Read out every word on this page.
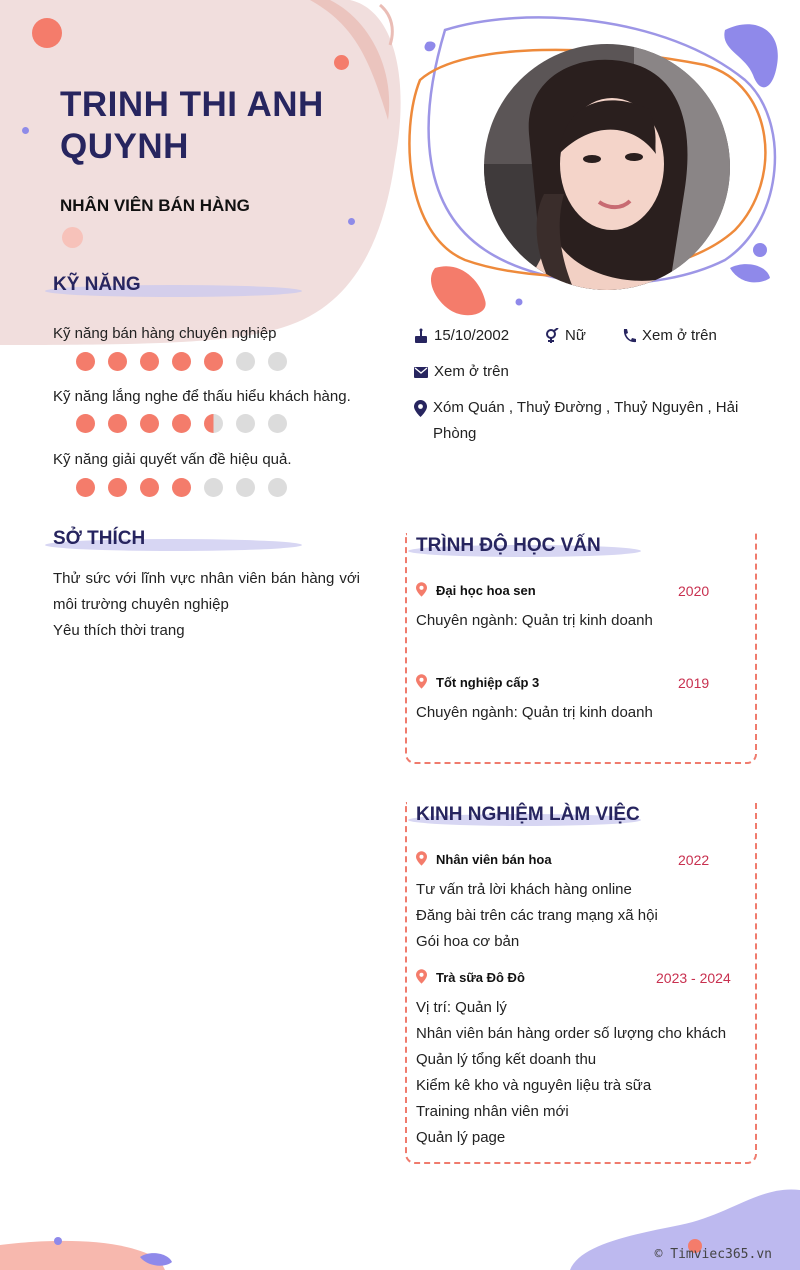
TRINH THI ANH QUYNH
NHÂN VIÊN BÁN HÀNG
15/10/2002	Nữ	Xem ở trên
Xem ở trên
Xóm Quán , Thuỷ Đường , Thuỷ Nguyên , Hải Phòng
KỸ NĂNG
Kỹ năng bán hàng chuyên nghiệp
Kỹ năng lắng nghe để thấu hiểu khách hàng.
Kỹ năng giải quyết vấn đề hiệu quả.
SỞ THÍCH
Thử sức với lĩnh vực nhân viên bán hàng với môi trường chuyên nghiệp
Yêu thích thời trang
TRÌNH ĐỘ HỌC VẤN
Đại học hoa sen	2020
Chuyên ngành: Quản trị kinh doanh
Tốt nghiệp cấp 3	2019
Chuyên ngành: Quản trị kinh doanh
KINH NGHIỆM LÀM VIỆC
Nhân viên bán hoa	2022
Tư vấn trả lời khách hàng online
Đăng bài trên các trang mạng xã hội
Gói hoa cơ bản
Trà sữa Đô Đô	2023 - 2024
Vị trí: Quản lý
Nhân viên bán hàng order số lượng cho khách
Quản lý tổng kết doanh thu
Kiểm kê kho và nguyên liệu trà sữa
Training nhân viên mới
Quản lý page
© Timviec365.vn
